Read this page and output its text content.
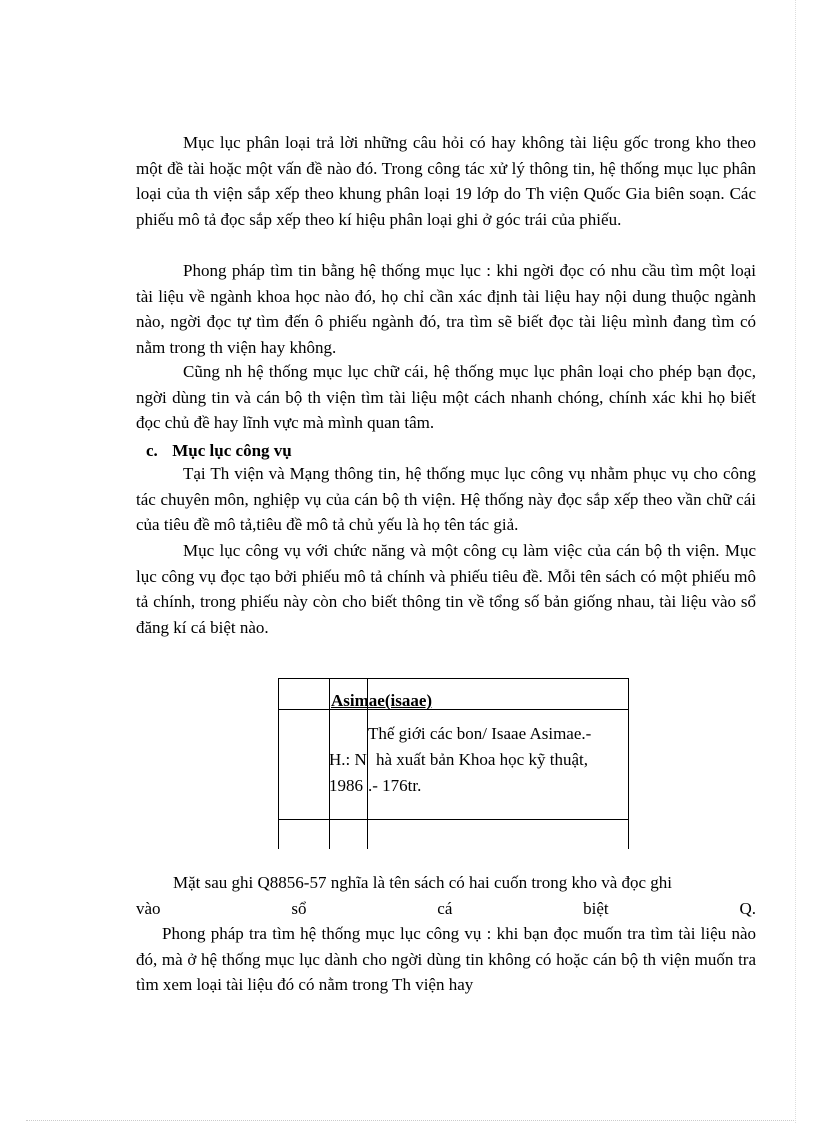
Mục lục phân loại trả lời những câu hỏi có hay không tài liệu gốc trong kho theo một đề tài hoặc một vấn đề nào đó. Trong công tác xử lý thông tin, hệ thống mục lục phân loại của th viện sắp xếp theo khung phân loại 19 lớp do Th viện Quốc Gia biên soạn. Các phiếu mô tả đọc sắp xếp theo kí hiệu phân loại ghi ở góc trái của phiếu.

Phong pháp tìm tin bằng hệ thống mục lục : khi ngời đọc có nhu cầu tìm một loại tài liệu về ngành khoa học nào đó, họ chỉ cần xác định tài liệu hay nội dung thuộc ngành nào, ngời đọc tự tìm đến ô phiếu ngành đó, tra tìm sẽ biết đọc tài liệu mình đang tìm có nằm trong th viện hay không.

Cũng nh hệ thống mục lục chữ cái, hệ thống mục lục phân loại cho phép bạn đọc, ngời dùng tin và cán bộ th viện tìm tài liệu một cách nhanh chóng, chính xác khi họ biết đọc chủ đề hay lĩnh vực mà mình quan tâm.

c. Mục lục công vụ

Tại Th viện và Mạng thông tin, hệ thống mục lục công vụ nhằm phục vụ cho công tác chuyên môn, nghiệp vụ của cán bộ th viện. Hệ thống này đọc sắp xếp theo vần chữ cái của tiêu đề mô tả,tiêu đề mô tả chủ yếu là họ tên tác giả.

Mục lục công vụ với chức năng và một công cụ làm việc của cán bộ th viện. Mục lục công vụ đọc tạo bởi phiếu mô tả chính và phiếu tiêu đề. Mỗi tên sách có một phiếu mô tả chính, trong phiếu này còn cho biết thông tin về tổng số bản giống nhau, tài liệu vào sổ đăng kí cá biệt nào.

Asimae(isaae)
Thế giới các bon/ Isaae Asimae.-
H.: N hà xuất bản Khoa học kỹ thuật,
1986 .- 176tr.

Mặt sau ghi Q8856-57 nghĩa là tên sách có hai cuốn trong kho và đọc ghi

vào sổ cá biệt Q.

Phong pháp tra tìm hệ thống mục lục công vụ : khi bạn đọc muốn tra tìm tài liệu nào đó, mà ở hệ thống mục lục dành cho ngời dùng tin không có hoặc cán bộ th viện muốn tra tìm xem loại tài liệu đó có nằm trong Th viện hay
